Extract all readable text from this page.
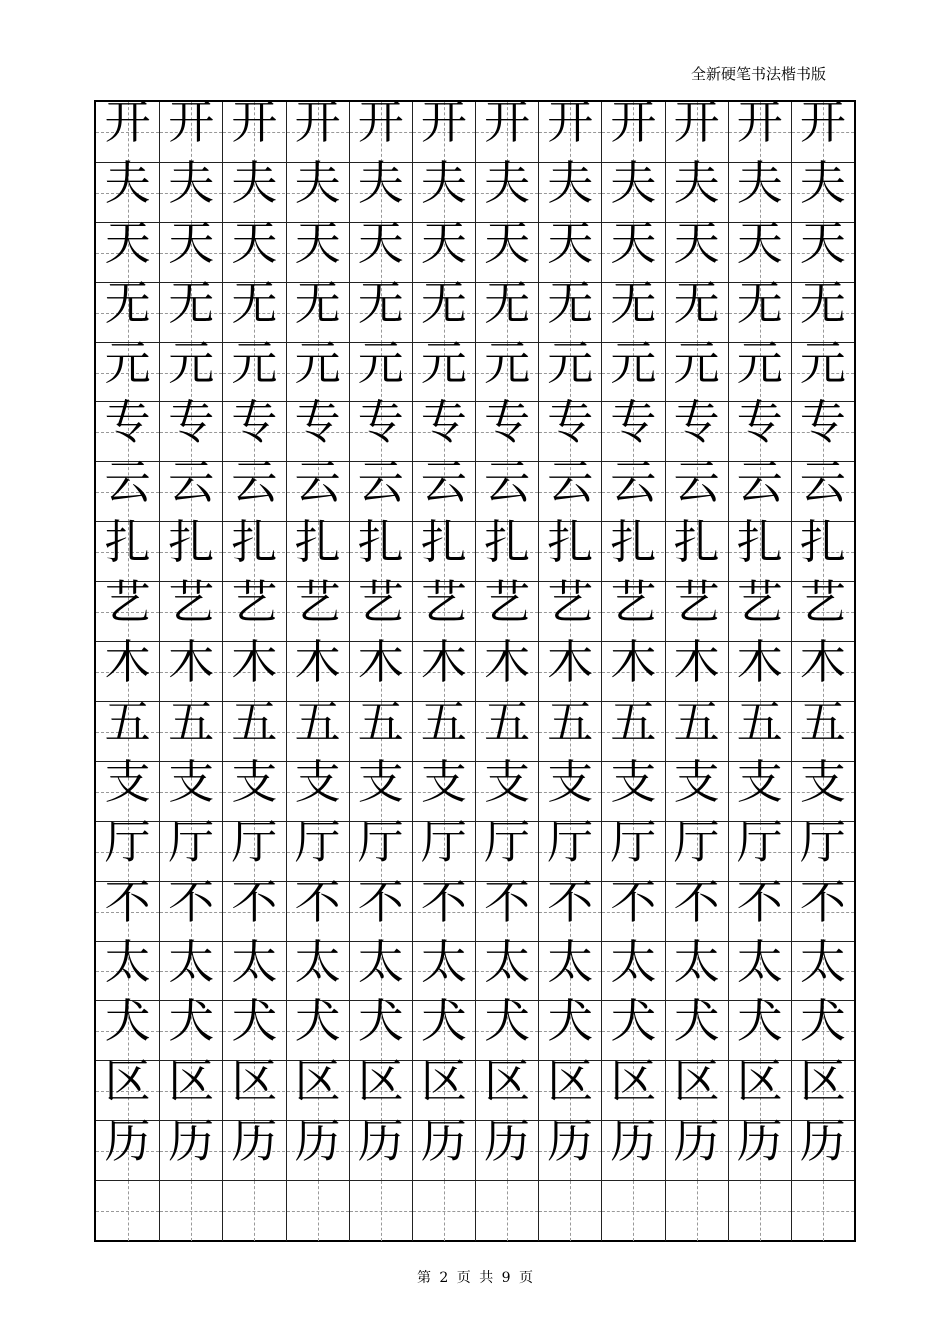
全新硬笔书法楷书版
开 开 开 开 开 开 开 开 开 开 开 开
夫 夫 夫 夫 夫 夫 夫 夫 夫 夫 夫 夫
天 天 天 天 天 天 天 天 天 天 天 天
无 无 无 无 无 无 无 无 无 无 无 无
元 元 元 元 元 元 元 元 元 元 元 元
专 专 专 专 专 专 专 专 专 专 专 专
云 云 云 云 云 云 云 云 云 云 云 云
扎 扎 扎 扎 扎 扎 扎 扎 扎 扎 扎 扎
艺 艺 艺 艺 艺 艺 艺 艺 艺 艺 艺 艺
木 木 木 木 木 木 木 木 木 木 木 木
五 五 五 五 五 五 五 五 五 五 五 五
支 支 支 支 支 支 支 支 支 支 支 支
厅 厅 厅 厅 厅 厅 厅 厅 厅 厅 厅 厅
不 不 不 不 不 不 不 不 不 不 不 不
太 太 太 太 太 太 太 太 太 太 太 太
犬 犬 犬 犬 犬 犬 犬 犬 犬 犬 犬 犬
区 区 区 区 区 区 区 区 区 区 区 区
历 历 历 历 历 历 历 历 历 历 历 历
第 2 页 共 9 页
